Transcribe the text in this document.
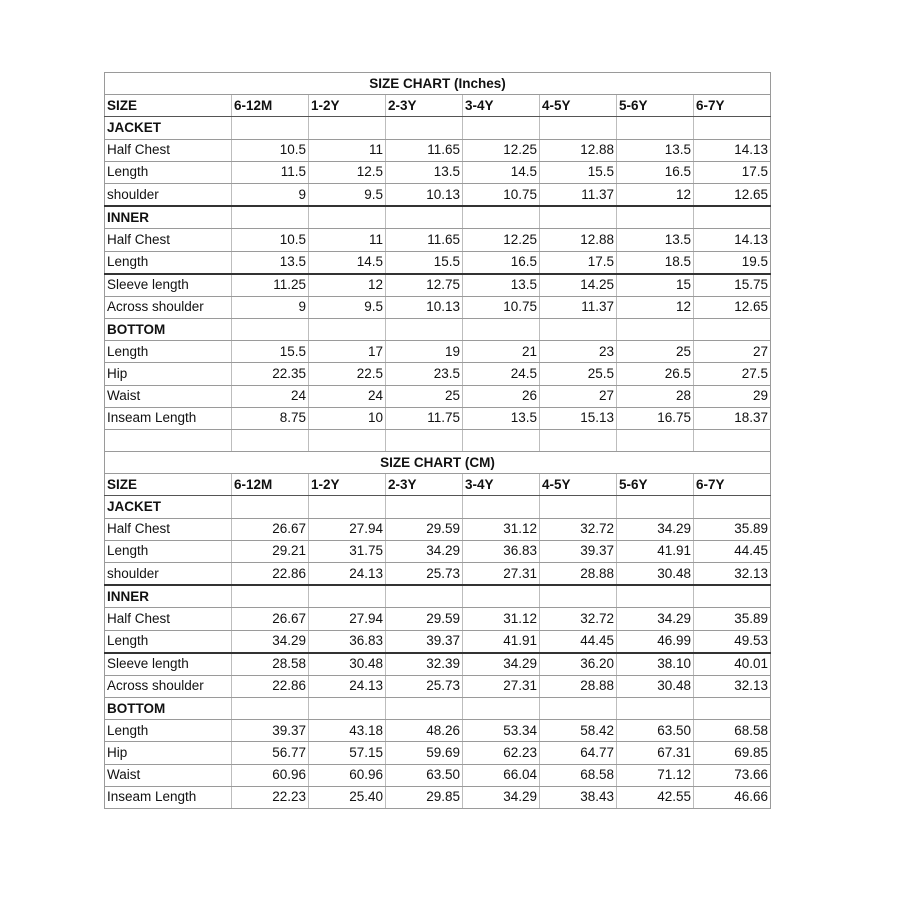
SIZE CHART (Inches)							
SIZE	6-12M	1-2Y	2-3Y	3-4Y	4-5Y	5-6Y	6-7Y
JACKET							
Half Chest	10.5	11	11.65	12.25	12.88	13.5	14.13
Length	11.5	12.5	13.5	14.5	15.5	16.5	17.5
shoulder	9	9.5	10.13	10.75	11.37	12	12.65
INNER							
Half Chest	10.5	11	11.65	12.25	12.88	13.5	14.13
Length	13.5	14.5	15.5	16.5	17.5	18.5	19.5
Sleeve length	11.25	12	12.75	13.5	14.25	15	15.75
Across shoulder	9	9.5	10.13	10.75	11.37	12	12.65
BOTTOM							
Length	15.5	17	19	21	23	25	27
Hip	22.35	22.5	23.5	24.5	25.5	26.5	27.5
Waist	24	24	25	26	27	28	29
Inseam Length	8.75	10	11.75	13.5	15.13	16.75	18.37

SIZE CHART (CM)							
SIZE	6-12M	1-2Y	2-3Y	3-4Y	4-5Y	5-6Y	6-7Y
JACKET							
Half Chest	26.67	27.94	29.59	31.12	32.72	34.29	35.89
Length	29.21	31.75	34.29	36.83	39.37	41.91	44.45
shoulder	22.86	24.13	25.73	27.31	28.88	30.48	32.13
INNER							
Half Chest	26.67	27.94	29.59	31.12	32.72	34.29	35.89
Length	34.29	36.83	39.37	41.91	44.45	46.99	49.53
Sleeve length	28.58	30.48	32.39	34.29	36.20	38.10	40.01
Across shoulder	22.86	24.13	25.73	27.31	28.88	30.48	32.13
BOTTOM							
Length	39.37	43.18	48.26	53.34	58.42	63.50	68.58
Hip	56.77	57.15	59.69	62.23	64.77	67.31	69.85
Waist	60.96	60.96	63.50	66.04	68.58	71.12	73.66
Inseam Length	22.23	25.40	29.85	34.29	38.43	42.55	46.66
